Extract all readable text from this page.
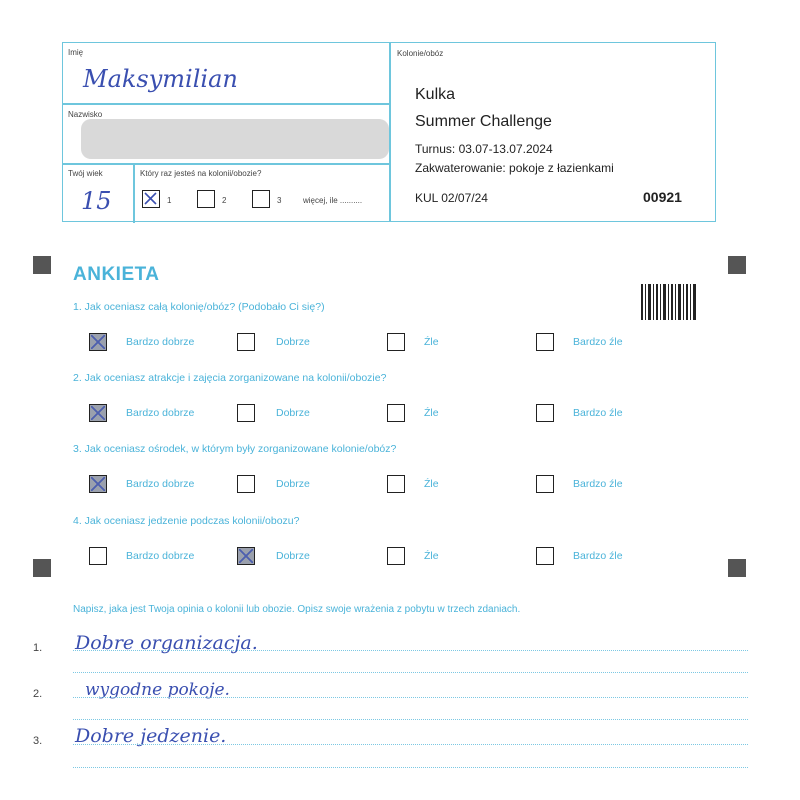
Imię
Maksymilian
Nazwisko
Twój wiek
15
Który raz jesteś na kolonii/obozie?
1	2	3	więcej, ile ..........
Kolonie/obóz
Kulka
Summer Challenge
Turnus: 03.07-13.07.2024
Zakwaterowanie: pokoje z łazienkami
KUL 02/07/24	00921
ANKIETA
1. Jak oceniasz całą kolonię/obóz? (Podobało Ci się?)
Bardzo dobrze	Dobrze	Źle	Bardzo źle
2. Jak oceniasz atrakcje i zajęcia zorganizowane na kolonii/obozie?
Bardzo dobrze	Dobrze	Źle	Bardzo źle
3. Jak oceniasz ośrodek, w którym były zorganizowane kolonie/obóz?
Bardzo dobrze	Dobrze	Źle	Bardzo źle
4. Jak oceniasz jedzenie podczas kolonii/obozu?
Bardzo dobrze	Dobrze	Źle	Bardzo źle
Napisz, jaka jest Twoja opinia o kolonii lub obozie. Opisz swoje wrażenia z pobytu w trzech zdaniach.
1. Dobre organizacja.
2.	wygodne pokoje.
3. Dobre jedzenie.
